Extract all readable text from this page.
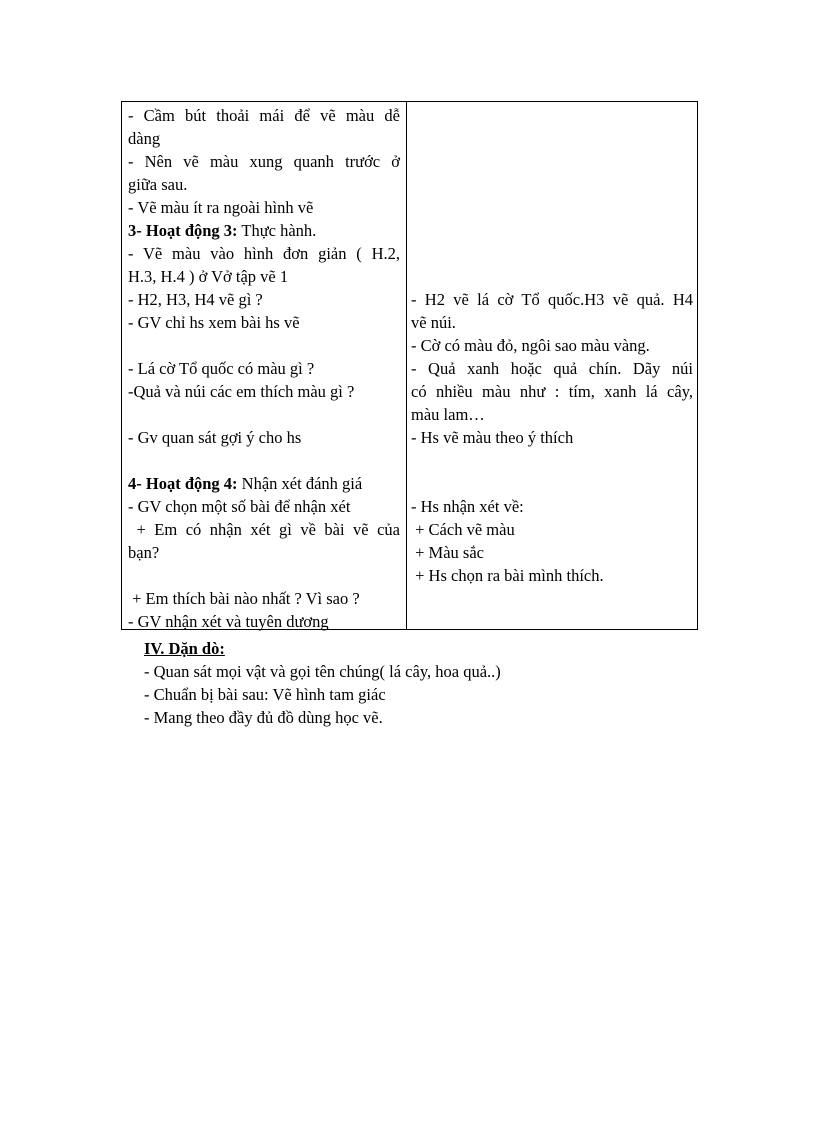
- Cầm bút thoải mái để vẽ màu dễ
dàng
- Nên vẽ màu xung quanh trước ở
giữa sau.
- Vẽ màu ít ra ngoài hình vẽ
3- Hoạt động 3: Thực hành.
- Vẽ màu vào hình đơn giản ( H.2,
H.3, H.4 ) ở Vở tập vẽ 1
- H2, H3, H4 vẽ gì ?
- GV chỉ hs xem bài hs vẽ
- Lá cờ Tổ quốc có màu gì ?
-Quả và núi các em thích màu gì ?
- Gv quan sát gợi ý cho hs
4- Hoạt động 4: Nhận xét đánh giá
- GV chọn một số bài để nhận xét
+ Em có nhận xét gì về bài vẽ của
bạn?
+ Em thích bài nào nhất ? Vì sao ?
- GV nhận xét và tuyên dương
- H2 vẽ lá cờ Tổ quốc.H3 vẽ quả. H4
vẽ núi.
- Cờ có màu đỏ, ngôi sao màu vàng.
- Quả xanh hoặc quả chín. Dãy núi
có nhiều màu như : tím, xanh lá cây,
màu lam…
- Hs vẽ màu theo ý thích
- Hs nhận xét về:
+ Cách vẽ màu
+ Màu sắc
+ Hs chọn ra bài mình thích.
IV. Dặn dò:
- Quan sát mọi vật và gọi tên chúng( lá cây, hoa quả..)
- Chuẩn bị bài sau: Vẽ hình tam giác
- Mang theo đầy đủ đồ dùng học vẽ.
